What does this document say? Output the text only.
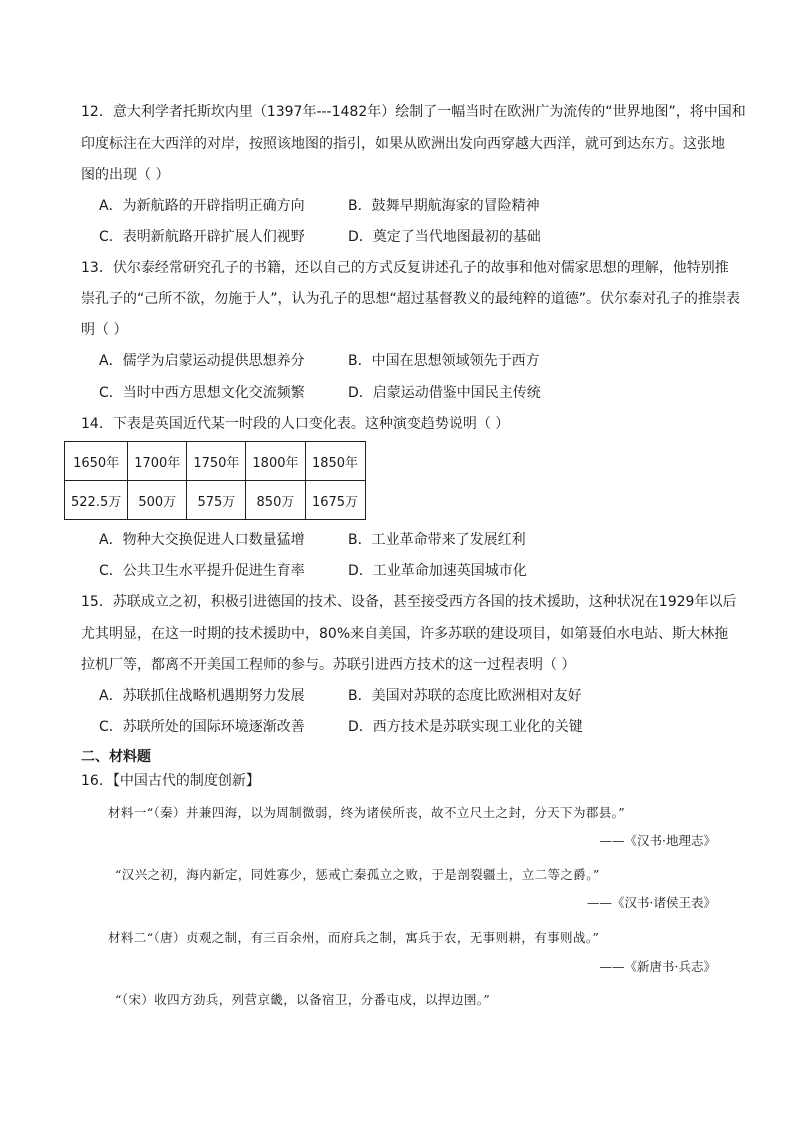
12．意大利学者托斯坎内里（1397年---1482年）绘制了一幅当时在欧洲广为流传的“世界地图”，将中国和
印度标注在大西洋的对岸，按照该地图的指引，如果从欧洲出发向西穿越大西洋，就可到达东方。这张地
图的出现（ ）
A．为新航路的开辟指明正确方向	B．鼓舞早期航海家的冒险精神
C．表明新航路开辟扩展人们视野	D．奠定了当代地图最初的基础
13．伏尔泰经常研究孔子的书籍，还以自己的方式反复讲述孔子的故事和他对儒家思想的理解，他特别推
崇孔子的“己所不欲，勿施于人”，认为孔子的思想“超过基督教义的最纯粹的道德”。伏尔泰对孔子的推崇表
明（ ）
A．儒学为启蒙运动提供思想养分	B．中国在思想领域领先于西方
C．当时中西方思想文化交流频繁	D．启蒙运动借鉴中国民主传统
14．下表是英国近代某一时段的人口变化表。这种演变趋势说明（ ）
1650年	1700年	1750年	1800年	1850年
522.5万	500万	575万	850万	1675万
A．物种大交换促进人口数量猛增	B．工业革命带来了发展红利
C．公共卫生水平提升促进生育率	D．工业革命加速英国城市化
15．苏联成立之初，积极引进德国的技术、设备，甚至接受西方各国的技术援助，这种状况在1929年以后
尤其明显，在这一时期的技术援助中，80%来自美国，许多苏联的建设项目，如第聂伯水电站、斯大林拖
拉机厂等，都离不开美国工程师的参与。苏联引进西方技术的这一过程表明（ ）
A．苏联抓住战略机遇期努力发展	B．美国对苏联的态度比欧洲相对友好
C．苏联所处的国际环境逐渐改善	D．西方技术是苏联实现工业化的关键
二、材料题
16．【中国古代的制度创新】
材料一“（秦）并兼四海，以为周制微弱，终为诸侯所丧，故不立尺土之封，分天下为郡县。”
——《汉书·地理志》
“汉兴之初，海内新定，同姓寡少，惩戒亡秦孤立之败，于是剖裂疆土，立二等之爵。”
——《汉书·诸侯王表》
材料二“（唐）贞观之制，有三百余州，而府兵之制，寓兵于农，无事则耕，有事则战。”
——《新唐书·兵志》
“（宋）收四方劲兵，列营京畿，以备宿卫，分番屯戍，以捍边圉。”
